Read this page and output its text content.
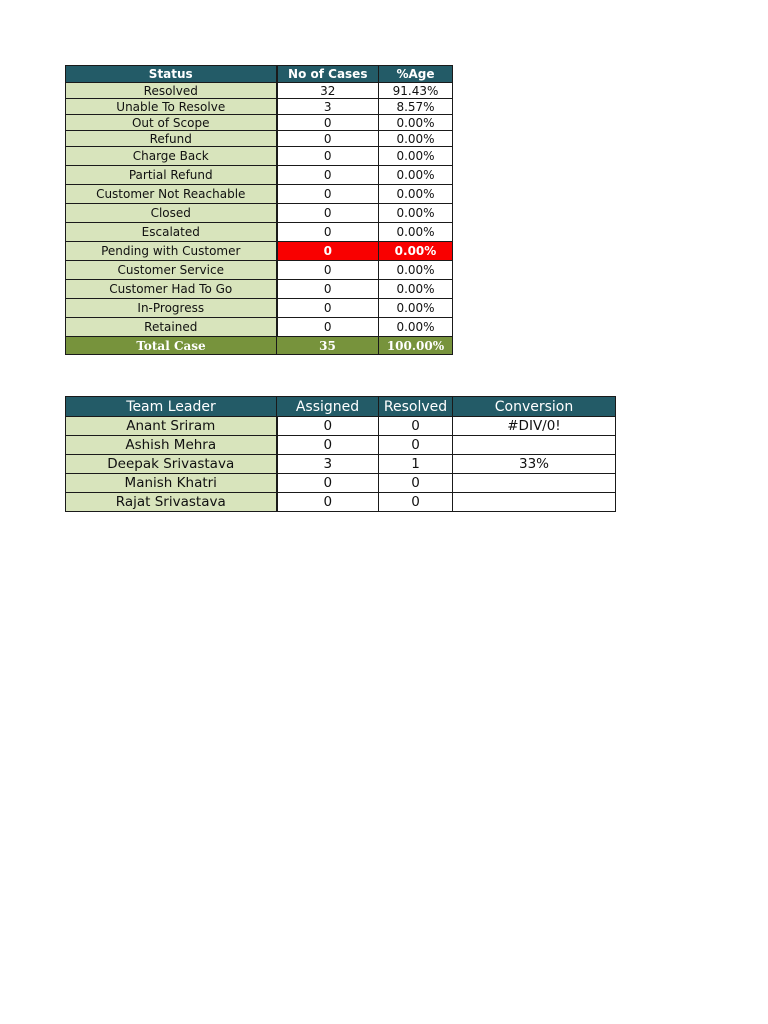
Status	No of Cases	%Age
Resolved	32	91.43%
Unable To Resolve	3	8.57%
Out of Scope	0	0.00%
Refund	0	0.00%
Charge Back	0	0.00%
Partial Refund	0	0.00%
Customer Not Reachable	0	0.00%
Closed	0	0.00%
Escalated	0	0.00%
Pending with Customer	0	0.00%
Customer Service	0	0.00%
Customer Had To Go	0	0.00%
In-Progress	0	0.00%
Retained	0	0.00%
Total Case	35	100.00%
Team Leader	Assigned	Resolved	Conversion
Anant Sriram	0	0	#DIV/0!
Ashish Mehra	0	0	
Deepak Srivastava	3	1	33%
Manish Khatri	0	0	
Rajat Srivastava	0	0	
